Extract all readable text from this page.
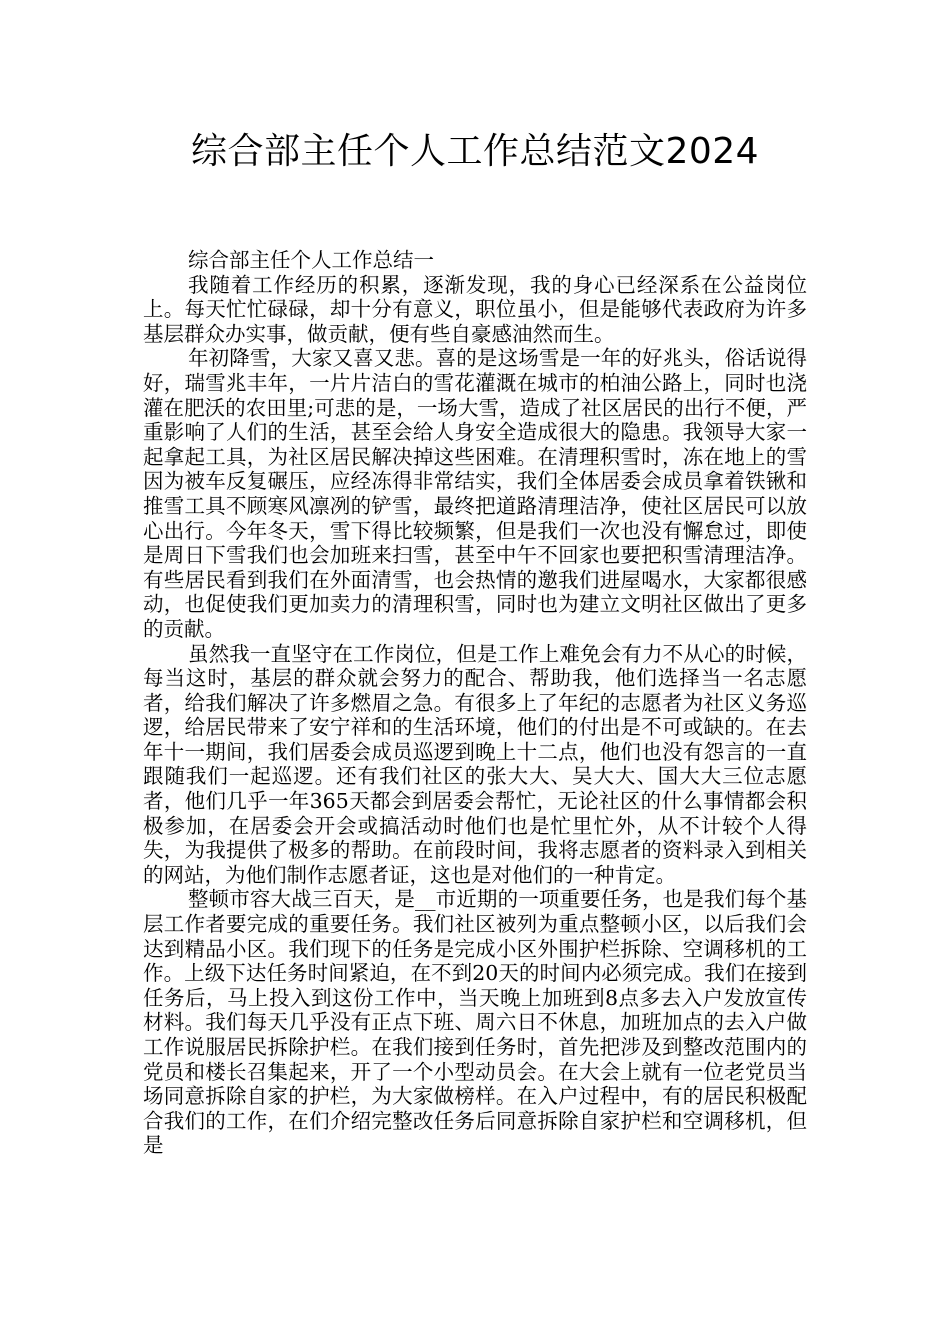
综合部主任个人工作总结范文2024

综合部主任个人工作总结一

我随着工作经历的积累，逐渐发现，我的身心已经深系在公益岗位上。每天忙忙碌碌，却十分有意义，职位虽小，但是能够代表政府为许多基层群众办实事，做贡献，便有些自豪感油然而生。

年初降雪，大家又喜又悲。喜的是这场雪是一年的好兆头，俗话说得好，瑞雪兆丰年，一片片洁白的雪花灌溉在城市的柏油公路上，同时也浇灌在肥沃的农田里;可悲的是，一场大雪，造成了社区居民的出行不便，严重影响了人们的生活，甚至会给人身安全造成很大的隐患。我领导大家一起拿起工具，为社区居民解决掉这些困难。在清理积雪时，冻在地上的雪因为被车反复碾压，应经冻得非常结实，我们全体居委会成员拿着铁锹和推雪工具不顾寒风凛冽的铲雪，最终把道路清理洁净，使社区居民可以放心出行。今年冬天，雪下得比较频繁，但是我们一次也没有懈怠过，即使是周日下雪我们也会加班来扫雪，甚至中午不回家也要把积雪清理洁净。有些居民看到我们在外面清雪，也会热情的邀我们进屋喝水，大家都很感动，也促使我们更加卖力的清理积雪，同时也为建立文明社区做出了更多的贡献。

虽然我一直坚守在工作岗位，但是工作上难免会有力不从心的时候，每当这时，基层的群众就会努力的配合、帮助我，他们选择当一名志愿者，给我们解决了许多燃眉之急。有很多上了年纪的志愿者为社区义务巡逻，给居民带来了安宁祥和的生活环境，他们的付出是不可或缺的。在去年十一期间，我们居委会成员巡逻到晚上十二点，他们也没有怨言的一直跟随我们一起巡逻。还有我们社区的张大大、吴大大、国大大三位志愿者，他们几乎一年365天都会到居委会帮忙，无论社区的什么事情都会积极参加，在居委会开会或搞活动时他们也是忙里忙外，从不计较个人得失，为我提供了极多的帮助。在前段时间，我将志愿者的资料录入到相关的网站，为他们制作志愿者证，这也是对他们的一种肯定。

整顿市容大战三百天，是__市近期的一项重要任务，也是我们每个基层工作者要完成的重要任务。我们社区被列为重点整顿小区，以后我们会达到精品小区。我们现下的任务是完成小区外围护栏拆除、空调移机的工作。上级下达任务时间紧迫，在不到20天的时间内必须完成。我们在接到任务后，马上投入到这份工作中，当天晚上加班到8点多去入户发放宣传材料。我们每天几乎没有正点下班、周六日不休息，加班加点的去入户做工作说服居民拆除护栏。在我们接到任务时，首先把涉及到整改范围内的党员和楼长召集起来，开了一个小型动员会。在大会上就有一位老党员当场同意拆除自家的护栏，为大家做榜样。在入户过程中，有的居民积极配合我们的工作，在们介绍完整改任务后同意拆除自家护栏和空调移机，但是
